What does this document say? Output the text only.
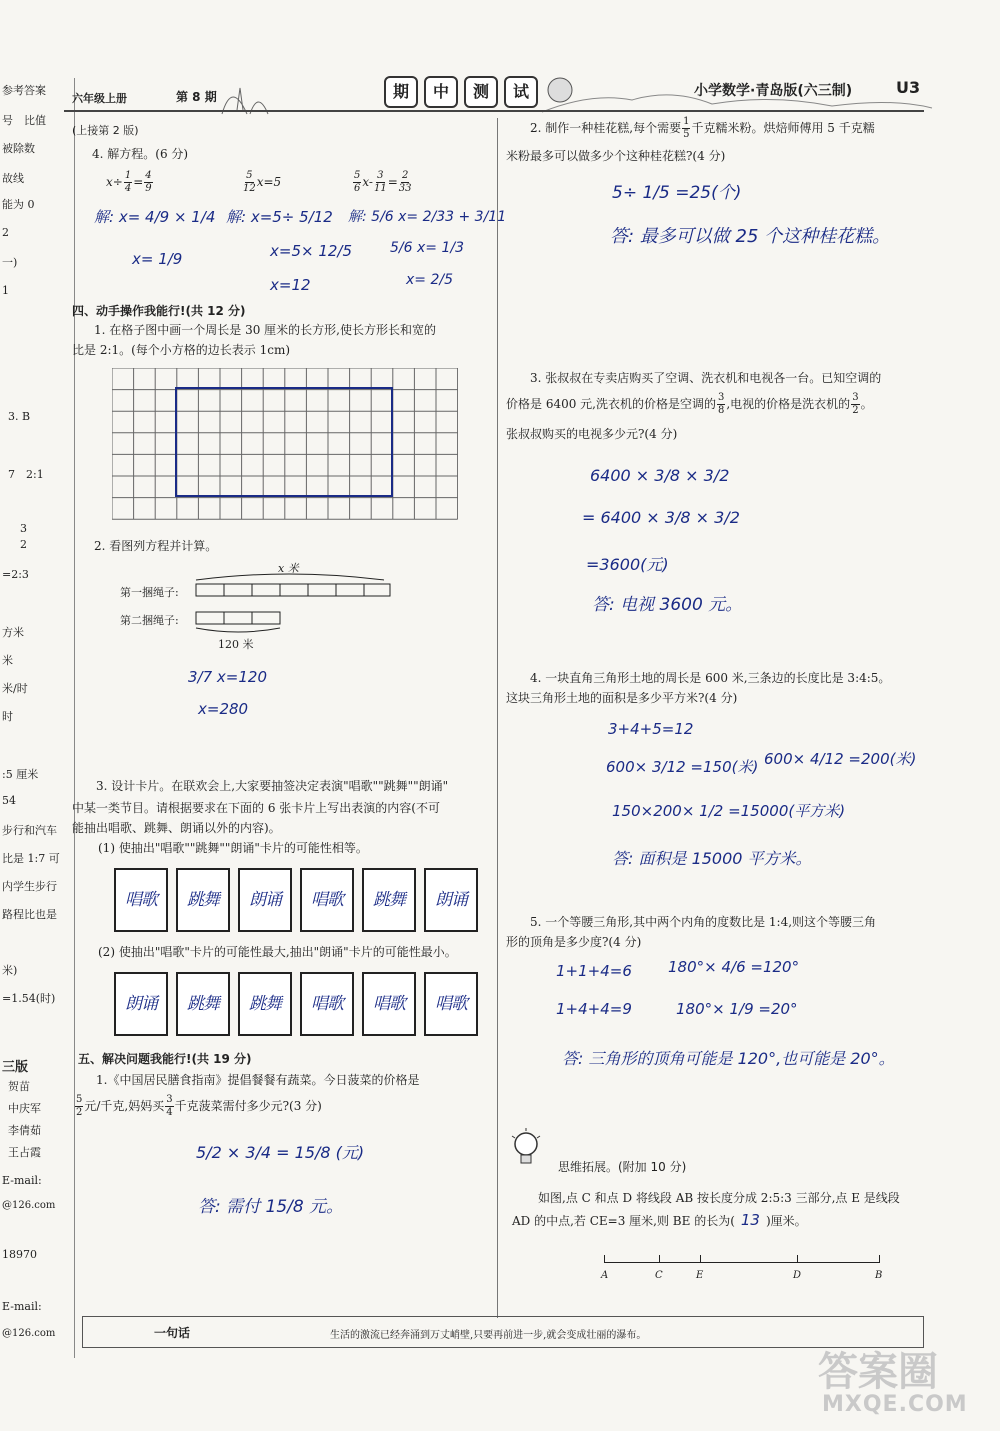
参考答案
号　比值
被除数
故线
能为 0
2
一)
1
3. B
7　2:1
3
2
=2:3
方米
米
米/时
时
:5 厘米
54
步行和汽车
比是 1:7 可
内学生步行
路程比也是
米)
=1.54(时)
三版
贺苗
中庆军
李倩茹
王占霞
E-mail:
@126.com
18970
E-mail:
@126.com
六年级上册	第 8 期	期	中	测	试	小学数学·青岛版(六三制)	U3
(上接第 2 版)
4. 解方程。(6 分)
$x\div \frac{1}{4} = \frac{4}{9}$	$\frac{5}{12} x=5$	$\frac{5}{6} x- \frac{3}{11} = \frac{2}{33}$
解: x= 4/9 × 1/4
x= 1/9
解: x=5÷ 5/12
x=5× 12/5
x=12
解: 5/6 x= 2/33 + 3/11
5/6 x= 1/3
x= 2/5
四、动手操作我能行!(共 12 分)
1. 在格子图中画一个周长是 30 厘米的长方形,使长方形长和宽的
比是 2:1。(每个小方格的边长表示 1cm)
2. 看图列方程并计算。
x 米
第一捆绳子:
第二捆绳子:
120 米
3/7 x=120
x=280
3. 设计卡片。在联欢会上,大家要抽签决定表演"唱歌""跳舞""朗诵"
中某一类节目。请根据要求在下面的 6 张卡片上写出表演的内容(不可
能抽出唱歌、跳舞、朗诵以外的内容)。
(1) 使抽出"唱歌""跳舞""朗诵"卡片的可能性相等。
唱歌	跳舞	朗诵	唱歌	跳舞	朗诵
(2) 使抽出"唱歌"卡片的可能性最大,抽出"朗诵"卡片的可能性最小。
朗诵	跳舞	跳舞	唱歌	唱歌	唱歌
五、解决问题我能行!(共 19 分)
1.《中国居民膳食指南》提倡餐餐有蔬菜。今日菠菜的价格是
$\frac{5}{2}$ 元/千克,妈妈买 $\frac{3}{4}$ 千克菠菜需付多少元?(3 分)
5/2 × 3/4 = 15/8 (元)
答: 需付 15/8 元。
2. 制作一种桂花糕,每个需要 $\frac{1}{5}$ 千克糯米粉。烘焙师傅用 5 千克糯
米粉最多可以做多少个这种桂花糕?(4 分)
5÷ 1/5 =25(个)
答: 最多可以做 25 个这种桂花糕。
3. 张叔叔在专卖店购买了空调、洗衣机和电视各一台。已知空调的
价格是 6400 元,洗衣机的价格是空调的 $\frac{3}{8}$ ,电视的价格是洗衣机的 $\frac{3}{2}$ 。
张叔叔购买的电视多少元?(4 分)
6400 × 3/8 × 3/2
= 6400 × 3/8 × 3/2
=3600(元)
答: 电视 3600 元。
4. 一块直角三角形土地的周长是 600 米,三条边的长度比是 3:4:5。
这块三角形土地的面积是多少平方米?(4 分)
3+4+5=12
600× 3/12 =150(米) 600× 4/12 =200(米)
150×200× 1/2 =15000(平方米)
答: 面积是 15000 平方米。
5. 一个等腰三角形,其中两个内角的度数比是 1:4,则这个等腰三角
形的顶角是多少度?(4 分)
1+1+4=6 180°× 4/6 =120°
1+4+4=9	180°× 1/9 =20°
答: 三角形的顶角可能是 120°,也可能是 20°。
思维拓展。(附加 10 分)
如图,点 C 和点 D 将线段 AB 按长度分成 2:5:3 三部分,点 E 是线段
AD 的中点,若 CE=3 厘米,则 BE 的长为( 13 )厘米。
A	C	E	D	B
一句话	生活的激流已经奔涌到万丈峭壁,只要再前进一步,就会变成壮丽的瀑布。
答案圈
MXQE.COM
